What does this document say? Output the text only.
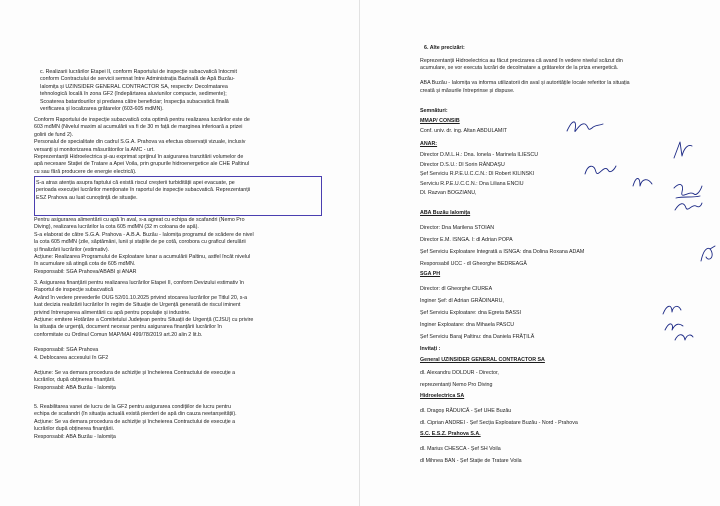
c. Realizarii lucrărilor Etapei II, conform Raportului de inspecție subacvatică întocmit
conform Contractului de servicii semnat între Administrația Bazinală de Apă Buzău-
Ialomița și UZINSIDER GENERAL CONTRACTOR SA, respectiv: Decolmatarea
tehnologică locală în zona GF2 (îndepărtarea aluviunilor compacte, sedimente);
Scoaterea batardourilor și predarea către beneficiar; Inspecția subacvatică finală
verificarea și localizarea grătarelor (603-605 mdMN).

Conform Raportului de inspecție subacvatică cota optimă pentru realizarea lucrărilor este de
603 mdMN (Nivelul maxim al acumulării va fi de 30 m față de marginea inferioară a prizei
golirii de fund 2).
Personalul de specialitate din cadrul S.G.A. Prahova va efectua observații vizuale, inclusiv
versanți și monitorizarea măsurătorilor la AMC - urt.
Reprezentanții Hidroelectrica și-au exprimat sprijinul în asigurarea tranzitării volumelor de
apă necesare Stației de Tratare a Apei Voila, prin grupurile hidroenergetice ale CHE Paltinul
cu sau fără producere de energie electrică).

S-a atras atenția asupra faptului că există riscul creșterii turbidității apei evacuate, pe
perioada execuției lucrărilor menționate în raportul de inspecție subacvatică. Reprezentanții
ESZ Prahova au luat cunoștință de situație.

Pentru asigurarea alimentării cu apă în aval, s-a agreat cu echipa de scafandri (Nemo Pro
Diving), realizarea lucrărilor la cota 605 mdMN (32 m coloana de apă).
S-a elaborat de către S.G.A. Prahova - A.B.A. Buzău - Ialomița programul de scădere de nivel
la cota 605 mdMN (zile, săptămâni, lunii și stațiile de pe cotă, corobora cu graficul derulării
și finalizării lucrărilor (estimativ).
Acțiune: Realizarea Programului de Exploatare lunar a acumulării Paltinu, astfel încât nivelul
în acumulare să atingă cota de 605 mdMN.
Responsabil: SGA Prahova/ABABI și ANAR

3. Asigurarea finanțării pentru realizarea lucrărilor Etapei II, conform Devizului estimativ în
Raportul de inspecție subacvatică
Având în vedere prevederile OUG 52/01.10.2025 privind stocarea lucrărilor pe Titlul 20, s-a
luat decizia realizării lucrărilor în regim de Situație de Urgență generată de riscul iminent
privind întreruperea alimentării cu apă pentru populație și industrie.
Acțiune: emitere Hotărâre a Comitetului Județean pentru Situații de Urgență (CJSU) cu privire
la situația de urgență, document necesar pentru asigurarea finanțării lucrărilor în
conformitate cu Ordinul Comun MAP/MAI 499/78/2019 art.20 alin 2 lit.b.

Responsabil: SGA Prahova

4. Deblocarea accesului în GF2

Acțiune: Se va demara procedura de achiziție și încheierea Contractului de execuție a
lucrărilor, după obținerea finanțării.
Responsabil: ABA Buzău - Ialomița

5. Reabilitarea vanei de lucru de la GF2 pentru asigurarea condițiilor de lucru pentru
echipa de scafandri (în situația actuală există pierderi de apă din cauza neetanșeității).
Acțiune: Se va demara procedura de achiziție și încheierea Contractului de execuție a
lucrărilor după obținerea finanțării.
Responsabil: ABA Buzău - Ialomița

6. Alte precizări:

Reprezentanții Hidroelectrica au făcut precizarea că avand în vedere nivelul scăzut din
acumulare, se vor executa lucrări de decolmatare a grătarelor de la priza energetică.

ABA Buzău - Ialomița va informa utilizatorii din aval și autoritățile locale referitor la situația
creată și măsurile întreprinse și dispuse.

Semnături:

MMAP/ CONSIB

Conf. univ. dr. ing. Altan ABDULAMIT

ANAR:

Director D.M.L.H.: Dna. Ionela - Marinela ILIESCU
Director D.S.U.: Dl Sorin RÂNDAȘU
Șef Serviciu R.P.E.U.C.C.N.: Dl Robert KILINSKI
Serviciu R.P.E.U.C.C.N.: Dna Liliana ENCIU
Dl. Razvan BOGZIANU,

ABA Buzău Ialomița

Director: Dna Marilena STOIAN
Director E.M. ISNGA. I: dl Adrian POPA
Șef Serviciu Exploatare Integrată a ISNGA: dna Dolina Roxana ADAM
Responsabil UCC - dl Gheorghe BEDREAGĂ

SGA PH

Director: dl Gheorghe CIUREA
Inginer Șef: dl Adrian GRĂDINARU,
Șef Serviciu Exploatare: dna Egreta BASSI
Inginer Exploatare: dna Mihaela PASCU
Șef Serviciu Baraj Paltinu: dna Daniela FRĂȚILĂ

Invitați :

General UZINSIDER GENERAL CONTRACTOR SA

dl. Alexandru DOLDUR - Director,
reprezentanți Nemo Pro Diving

Hidroelectrica SA

dl. Dragoș RĂDUICĂ - Șef UHE Buzău
dl. Ciprian ANDREI - Șef Secția Exploatare Buzău - Nord - Prahova

S.C. E.S.Z. Prahova S.A.

dl. Marius CHESCA - Șef SH Voila
dl Mihnea BAN - Șef Stație de Tratare Voila
